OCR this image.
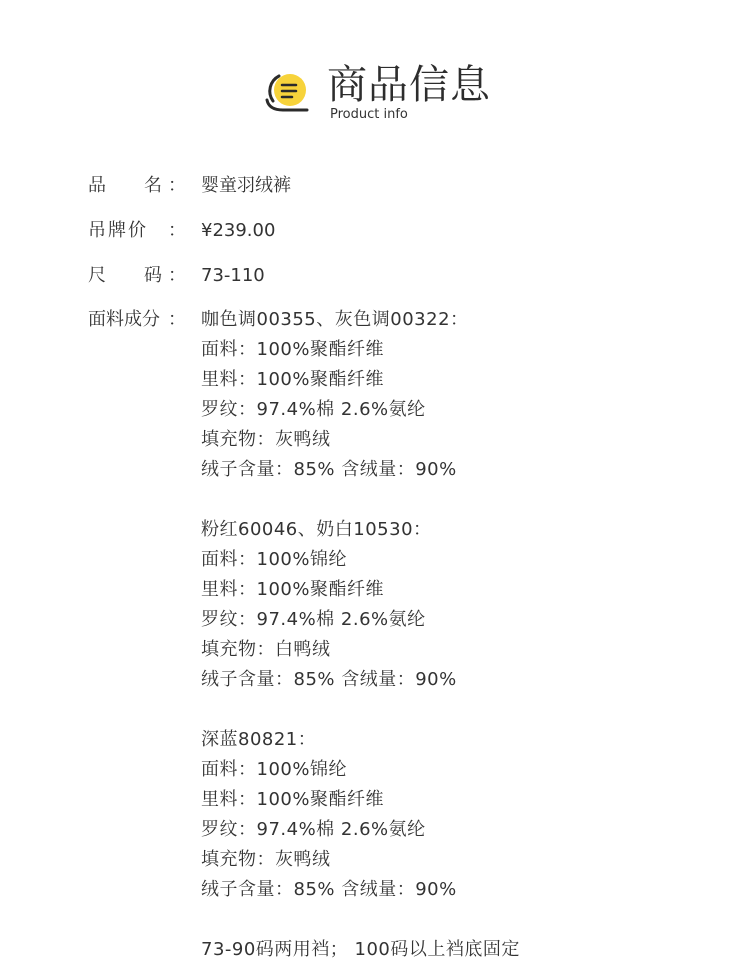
商品信息
Product info
品 名 ： 婴童羽绒裤
吊 牌 价 ： ¥239.00
尺 码 ： 73-110
面料成分 ： 咖色调00355、灰色调00322：
面料：100%聚酯纤维
里料：100%聚酯纤维
罗纹：97.4%棉 2.6%氨纶
填充物：灰鸭绒
绒子含量：85% 含绒量：90%
粉红60046、奶白10530：
面料：100%锦纶
里料：100%聚酯纤维
罗纹：97.4%棉 2.6%氨纶
填充物：白鸭绒
绒子含量：85% 含绒量：90%
深蓝80821：
面料：100%锦纶
里料：100%聚酯纤维
罗纹：97.4%棉 2.6%氨纶
填充物：灰鸭绒
绒子含量：85% 含绒量：90%
73-90码两用裆； 100码以上裆底固定
